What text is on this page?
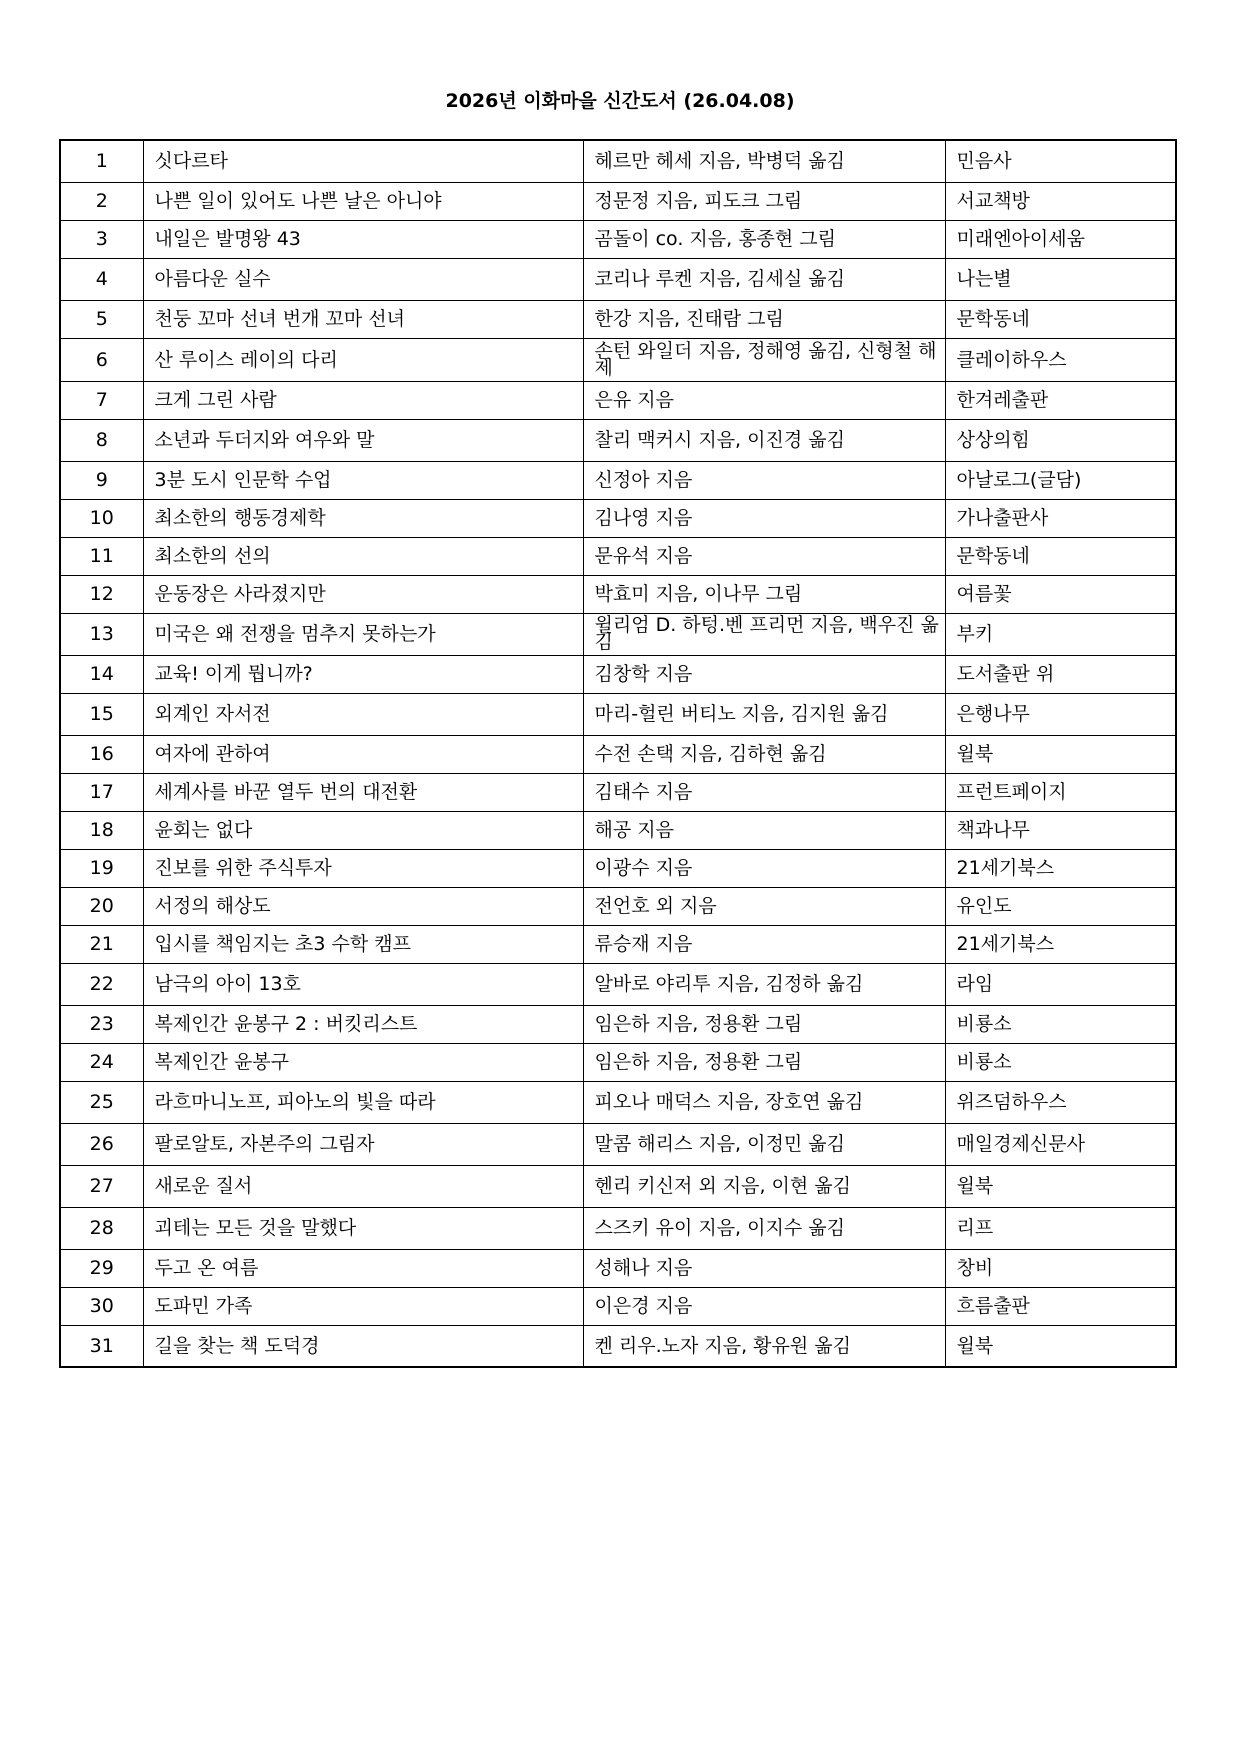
2026년 이화마을 신간도서 (26.04.08)
1	싯다르타	헤르만 헤세 지음, 박병덕 옮김	민음사
2	나쁜 일이 있어도 나쁜 날은 아니야	정문정 지음, 피도크 그림	서교책방
3	내일은 발명왕 43	곰돌이 co. 지음, 홍종현 그림	미래엔아이세움
4	아름다운 실수	코리나 루켄 지음, 김세실 옮김	나는별
5	천둥 꼬마 선녀 번개 꼬마 선녀	한강 지음, 진태람 그림	문학동네
6	산 루이스 레이의 다리	손턴 와일더 지음, 정해영 옮김, 신형철 해제	클레이하우스
7	크게 그린 사람	은유 지음	한겨레출판
8	소년과 두더지와 여우와 말	찰리 맥커시 지음, 이진경 옮김	상상의힘
9	3분 도시 인문학 수업	신정아 지음	아날로그(글담)
10	최소한의 행동경제학	김나영 지음	가나출판사
11	최소한의 선의	문유석 지음	문학동네
12	운동장은 사라졌지만	박효미 지음, 이나무 그림	여름꽃
13	미국은 왜 전쟁을 멈추지 못하는가	윌리엄 D. 하텅.벤 프리먼 지음, 백우진 옮김	부키
14	교육! 이게 뭡니까?	김창학 지음	도서출판 위
15	외계인 자서전	마리-헐린 버티노 지음, 김지원 옮김	은행나무
16	여자에 관하여	수전 손택 지음, 김하현 옮김	윌북
17	세계사를 바꾼 열두 번의 대전환	김태수 지음	프런트페이지
18	윤회는 없다	해공 지음	책과나무
19	진보를 위한 주식투자	이광수 지음	21세기북스
20	서정의 해상도	전언호 외 지음	유인도
21	입시를 책임지는 초3 수학 캠프	류승재 지음	21세기북스
22	남극의 아이 13호	알바로 야리투 지음, 김정하 옮김	라임
23	복제인간 윤봉구 2 : 버킷리스트	임은하 지음, 정용환 그림	비룡소
24	복제인간 윤봉구	임은하 지음, 정용환 그림	비룡소
25	라흐마니노프, 피아노의 빛을 따라	피오나 매덕스 지음, 장호연 옮김	위즈덤하우스
26	팔로알토, 자본주의 그림자	말콤 해리스 지음, 이정민 옮김	매일경제신문사
27	새로운 질서	헨리 키신저 외 지음, 이현 옮김	윌북
28	괴테는 모든 것을 말했다	스즈키 유이 지음, 이지수 옮김	리프
29	두고 온 여름	성해나 지음	창비
30	도파민 가족	이은경 지음	흐름출판
31	길을 찾는 책 도덕경	켄 리우.노자 지음, 황유원 옮김	윌북
